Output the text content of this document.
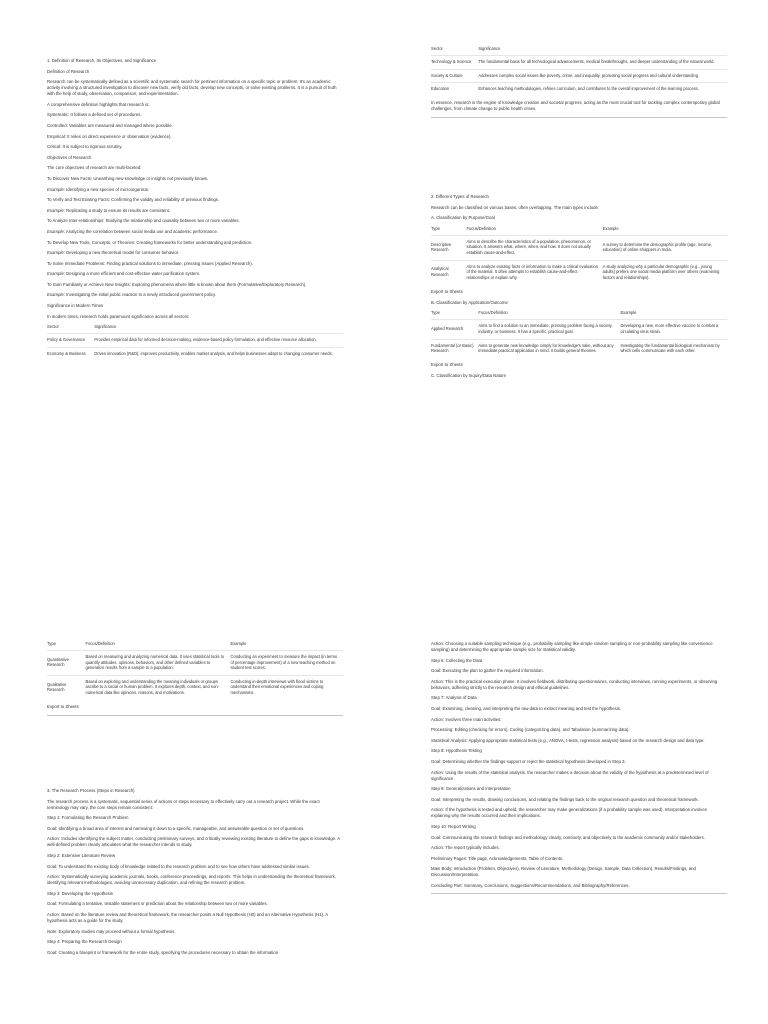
1. Definition of Research, Its Objectives, and Significance

Definition of Research

Research can be systematically defined as a scientific and systematic search for pertinent information on a specific topic or problem. It's an academic activity involving a structured investigation to discover new facts, verify old facts, develop new concepts, or solve existing problems. It is a pursuit of truth with the help of study, observation, comparison, and experimentation.

A comprehensive definition highlights that research is:

Systematic: It follows a defined set of procedures.

Controlled: Variables are measured and managed where possible.

Empirical: It relies on direct experience or observation (evidence).

Critical: It is subject to rigorous scrutiny.

Objectives of Research

The core objectives of research are multi-faceted:

To Discover New Facts: Unearthing new knowledge or insights not previously known.

Example: Identifying a new species of microorganism.

To Verify and Test Existing Facts: Confirming the validity and reliability of previous findings.

Example: Replicating a study to ensure its results are consistent.

To Analyze Inter-relationships: Studying the relationship and causality between two or more variables.

Example: Analyzing the correlation between social media use and academic performance.

To Develop New Tools, Concepts, or Theories: Creating frameworks for better understanding and prediction.

Example: Developing a new theoretical model for consumer behavior.

To Solve Immediate Problems: Finding practical solutions to immediate, pressing issues (Applied Research).

Example: Designing a more efficient and cost-effective water purification system.

To Gain Familiarity or Achieve New Insights: Exploring phenomena where little is known about them (Formulative/Exploratory Research).

Example: Investigating the initial public reaction to a newly introduced government policy.

Significance in Modern Times

In modern times, research holds paramount significance across all sectors:

Sector	Significance
Policy & Governance	Provides empirical data for informed decision-making, evidence-based policy formulation, and effective resource allocation.
Economy & Business	Drives innovation (R&D), improves productivity, enables market analysis, and helps businesses adapt to changing consumer needs.
Sector	Significance
Technology & Science	The fundamental basis for all technological advancements, medical breakthroughs, and deeper understanding of the natural world.
Society & Culture	Addresses complex social issues like poverty, crime, and inequality, promoting social progress and cultural understanding.
Education	Enhances teaching methodologies, refines curriculum, and contributes to the overall improvement of the learning process.

In essence, research is the engine of knowledge creation and societal progress, acting as the most crucial tool for tackling complex contemporary global challenges, from climate change to public health crises.

2. Different Types of Research

Research can be classified on various bases, often overlapping. The main types include:

A. Classification by Purpose/Goal

Type	Focus/Definition	Example
Descriptive Research	Aims to describe the characteristics of a population, phenomenon, or situation. It answers what, where, when, and how. It does not usually establish cause-and-effect.	A survey to determine the demographic profile (age, income, education) of online shoppers in India.
Analytical Research	Aims to analyze existing facts or information to make a critical evaluation of the material. It often attempts to establish cause-and-effect relationships or explain why.	A study analyzing why a particular demographic (e.g., young adults) prefers one social media platform over others (examining factors and relationships).

Export to Sheets

B. Classification by Application/Outcome

Type	Focus/Definition	Example
Applied Research	Aims to find a solution to an immediate, pressing problem facing a society, industry, or business. It has a specific, practical goal.	Developing a new, more effective vaccine to combat a circulating virus strain.
Fundamental (or Basic) Research	Aims to generate new knowledge simply for knowledge's sake, without any immediate practical application in mind. It builds general theories.	Investigating the fundamental biological mechanism by which cells communicate with each other.

Export to Sheets

C. Classification by Inquiry/Data Nature

Type	Focus/Definition	Example
Quantitative Research	Based on measuring and analyzing numerical data. It uses statistical tools to quantify attitudes, opinions, behaviors, and other defined variables to generalize results from a sample to a population.	Conducting an experiment to measure the impact (in terms of percentage improvement) of a new teaching method on student test scores.
Qualitative Research	Based on exploring and understanding the meaning individuals or groups ascribe to a social or human problem. It explores depth, context, and non-numerical data like opinions, reasons, and motivations.	Conducting in-depth interviews with flood victims to understand their emotional experiences and coping mechanisms.

Export to Sheets

3. The Research Process (Steps in Research)

The research process is a systematic, sequential series of actions or steps necessary to effectively carry out a research project. While the exact terminology may vary, the core steps remain consistent:

Step 1: Formulating the Research Problem

Goal: Identifying a broad area of interest and narrowing it down to a specific, manageable, and answerable question or set of questions.

Action: Includes identifying the subject matter, conducting preliminary surveys, and critically reviewing existing literature to define the gaps in knowledge. A well-defined problem clearly articulates what the researcher intends to study.

Step 2: Extensive Literature Review

Goal: To understand the existing body of knowledge related to the research problem and to see how others have addressed similar issues.

Action: Systematically surveying academic journals, books, conference proceedings, and reports. This helps in understanding the theoretical framework, identifying relevant methodologies, avoiding unnecessary duplication, and refining the research problem.

Step 3: Developing the Hypothesis

Goal: Formulating a tentative, testable statement or prediction about the relationship between two or more variables.

Action: Based on the literature review and theoretical framework, the researcher posits a Null Hypothesis (H0) and an Alternative Hypothesis (H1). A hypothesis acts as a guide for the study.

Note: Exploratory studies may proceed without a formal hypothesis.

Step 4: Preparing the Research Design

Goal: Creating a blueprint or framework for the entire study, specifying the procedures necessary to obtain the information

Action: Choosing a suitable sampling technique (e.g., probability sampling like simple random sampling or non-probability sampling like convenience sampling) and determining the appropriate sample size for statistical validity.

Step 6: Collecting the Data

Goal: Executing the plan to gather the required information.

Action: This is the practical execution phase. It involves fieldwork, distributing questionnaires, conducting interviews, running experiments, or observing behaviors, adhering strictly to the research design and ethical guidelines.

Step 7: Analysis of Data

Goal: Examining, cleaning, and interpreting the raw data to extract meaning and test the hypothesis.

Action: Involves three main activities:

Processing: Editing (checking for errors), Coding (categorizing data), and Tabulation (summarizing data).

Statistical Analysis: Applying appropriate statistical tests (e.g., ANOVA, t-tests, regression analysis) based on the research design and data type.

Step 8: Hypothesis Testing

Goal: Determining whether the findings support or reject the statistical hypothesis developed in Step 3.

Action: Using the results of the statistical analysis, the researcher makes a decision about the validity of the hypothesis at a predetermined level of significance.

Step 9: Generalizations and Interpretation

Goal: Interpreting the results, drawing conclusions, and relating the findings back to the original research question and theoretical framework.

Action: If the hypothesis is tested and upheld, the researcher may make generalizations (if a probability sample was used). Interpretation involves explaining why the results occurred and their implications.

Step 10: Report Writing

Goal: Communicating the research findings and methodology clearly, concisely, and objectively to the academic community and/or stakeholders.

Action: The report typically includes:

Preliminary Pages: Title page, Acknowledgements, Table of Contents.

Main Body: Introduction (Problem, Objectives), Review of Literature, Methodology (Design, Sample, Data Collection), Results/Findings, and Discussion/Interpretation.

Concluding Part: Summary, Conclusions, Suggestions/Recommendations, and Bibliography/References.
